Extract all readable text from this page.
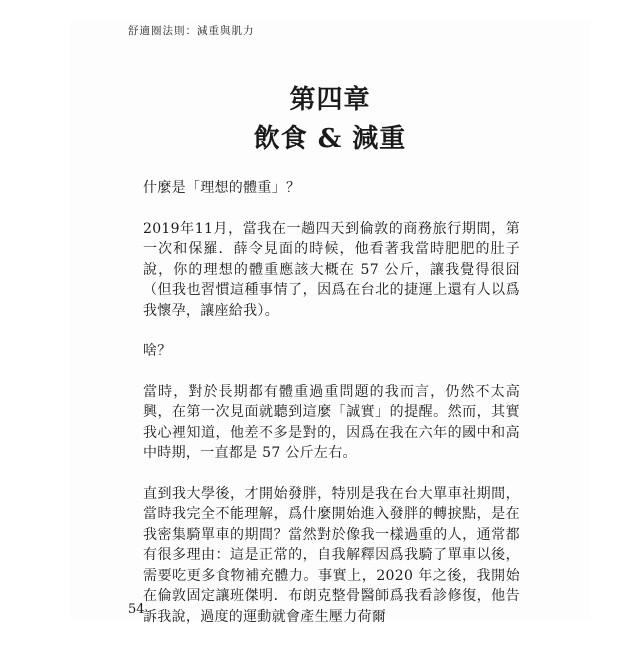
舒適圈法則：減重與肌力
第四章
飲食 & 減重

什麼是「理想的體重」？

2019年11月，當我在一趟四天到倫敦的商務旅行期間，第一次和保羅．薛令見面的時候，他看著我當時肥肥的肚子說，你的理想的體重應該大概在 57 公斤，讓我覺得很囧（但我也習慣這種事情了，因爲在台北的捷運上還有人以爲我懷孕，讓座給我）。

啥？

當時，對於長期都有體重過重問題的我而言，仍然不太高興，在第一次見面就聽到這麼「誠實」的提醒。然而，其實我心裡知道，他差不多是對的，因爲在我在六年的國中和高中時期，一直都是 57 公斤左右。

直到我大學後，才開始發胖，特別是我在台大單車社期間，當時我完全不能理解，爲什麼開始進入發胖的轉捩點，是在我密集騎單車的期間？當然對於像我一樣過重的人，通常都有很多理由：這是正常的，自我解釋因爲我騎了單車以後，需要吃更多食物補充體力。事實上，2020 年之後，我開始在倫敦固定讓班傑明．布朗克整骨醫師爲我看診修復，他告訴我說，過度的運動就會產生壓力荷爾

54
